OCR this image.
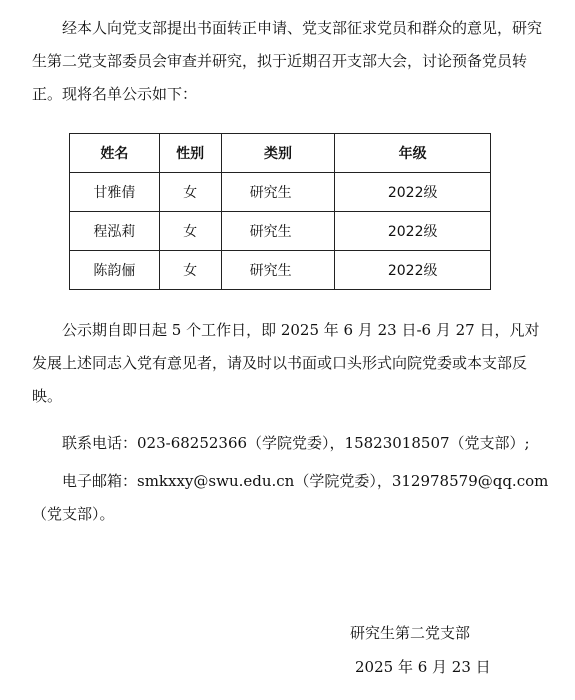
经本人向党支部提出书面转正申请、党支部征求党员和群众的意见，研究生第二党支部委员会审查并研究，拟于近期召开支部大会，讨论预备党员转正。现将名单公示如下：

姓名	性别	类别	年级
甘雅倩	女	研究生	2022级
程泓莉	女	研究生	2022级
陈韵俪	女	研究生	2022级

公示期自即日起 5 个工作日，即 2025 年 6 月 23 日-6 月 27 日，凡对发展上述同志入党有意见者，请及时以书面或口头形式向院党委或本支部反映。

联系电话：023-68252366（学院党委），15823018507（党支部）;

电子邮箱：smkxxy@swu.edu.cn（学院党委），312978579@qq.com

（党支部）。

研究生第二党支部
2025 年 6 月 23 日
